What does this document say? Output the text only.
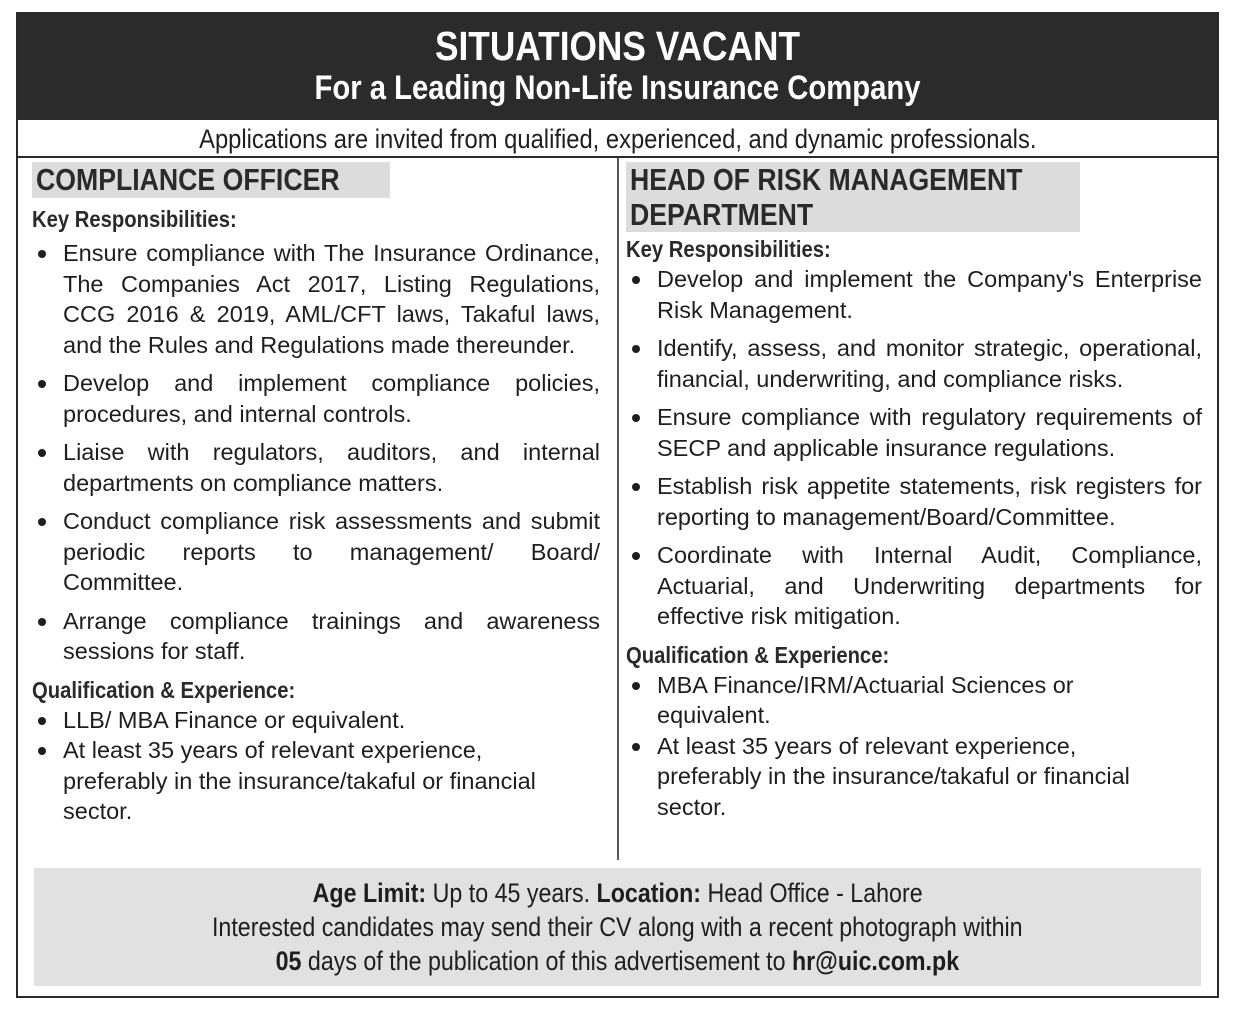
SITUATIONS VACANT
For a Leading Non-Life Insurance Company
Applications are invited from qualified, experienced, and dynamic professionals.
COMPLIANCE OFFICER
Key Responsibilities:
Ensure compliance with The Insurance Ordinance, The Companies Act 2017, Listing Regulations, CCG 2016 & 2019, AML/CFT laws, Takaful laws, and the Rules and Regulations made thereunder.
Develop and implement compliance policies, procedures, and internal controls.
Liaise with regulators, auditors, and internal departments on compliance matters.
Conduct compliance risk assessments and submit periodic reports to management/ Board/ Committee.
Arrange compliance trainings and awareness sessions for staff.
Qualification & Experience:
LLB/ MBA Finance or equivalent.
At least 35 years of relevant experience, preferably in the insurance/takaful or financial sector.
HEAD OF RISK MANAGEMENT
DEPARTMENT
Key Responsibilities:
Develop and implement the Company's Enterprise Risk Management.
Identify, assess, and monitor strategic, operational, financial, underwriting, and compliance risks.
Ensure compliance with regulatory requirements of SECP and applicable insurance regulations.
Establish risk appetite statements, risk registers for reporting to management/Board/Committee.
Coordinate with Internal Audit, Compliance, Actuarial, and Underwriting departments for effective risk mitigation.
Qualification & Experience:
MBA Finance/IRM/Actuarial Sciences or equivalent.
At least 35 years of relevant experience, preferably in the insurance/takaful or financial sector.
Age Limit: Up to 45 years. Location: Head Office - Lahore
Interested candidates may send their CV along with a recent photograph within
05 days of the publication of this advertisement to hr@uic.com.pk
